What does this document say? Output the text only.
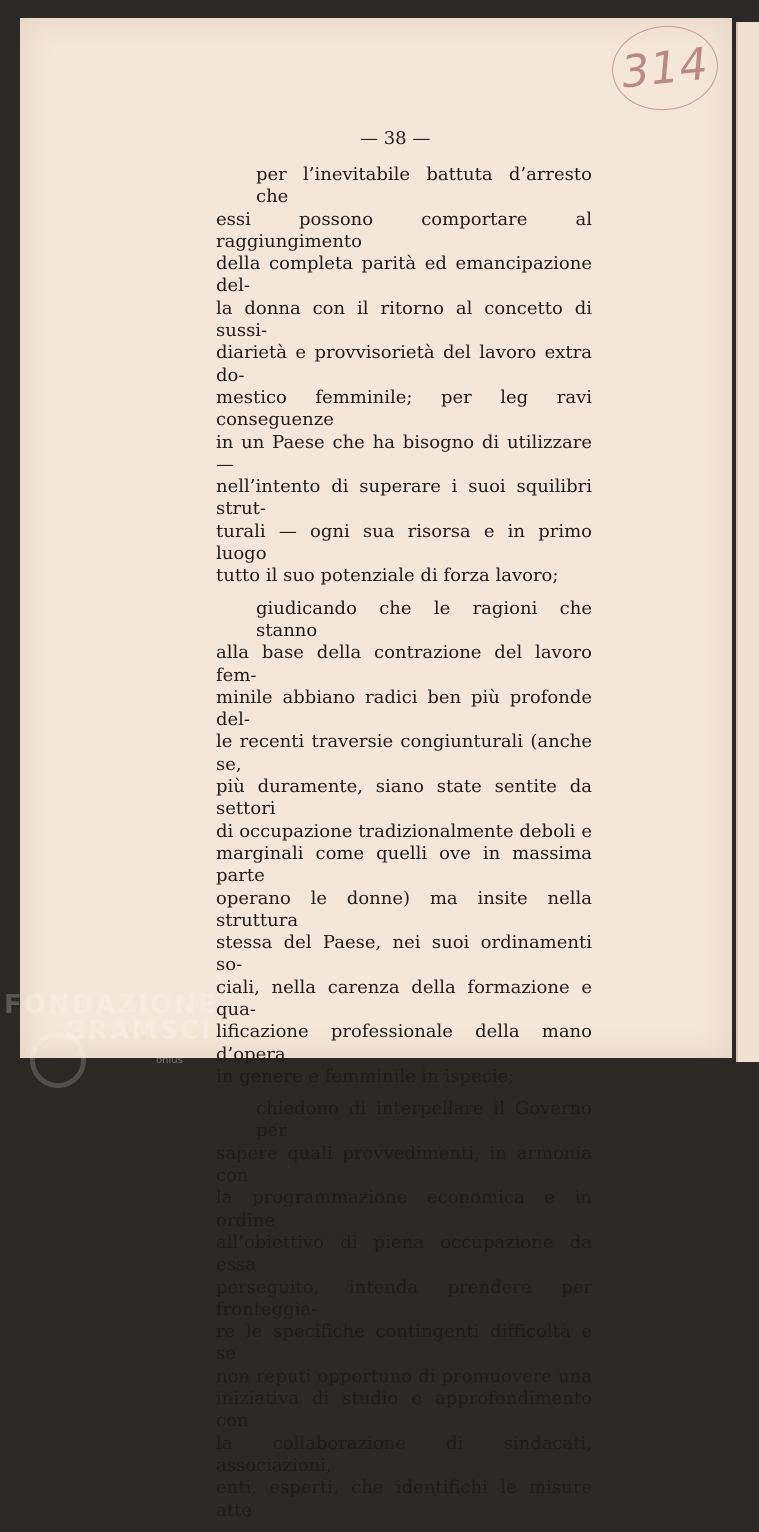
314
— 38 —
per l’inevitabile battuta d’arresto che
essi possono comportare al raggiungimento
della completa parità ed emancipazione del-
la donna con il ritorno al concetto di sussi-
diarietà e provvisorietà del lavoro extra do-
mestico femminile; per leg ravi conseguenze
in un Paese che ha bisogno di utilizzare —
nell’intento di superare i suoi squilibri strut-
turali — ogni sua risorsa e in primo luogo
tutto il suo potenziale di forza lavoro;
giudicando che le ragioni che stanno
alla base della contrazione del lavoro fem-
minile abbiano radici ben più profonde del-
le recenti traversie congiunturali (anche se,
più duramente, siano state sentite da settori
di occupazione tradizionalmente deboli e
marginali come quelli ove in massima parte
operano le donne) ma insite nella struttura
stessa del Paese, nei suoi ordinamenti so-
ciali, nella carenza della formazione e qua-
lificazione professionale della mano d’opera
in genere e femminile in ispecie;
chiedono di interpellare il Governo per
sapere quali provvedimenti, in armonia con
la programmazione economica e in ordine
all’obiettivo di piena occupazione da essa
perseguito, intenda prendere per fronteggia-
re le specifiche contingenti difficoltà e se
non reputi opportuno di promuovere una
iniziativa di studio e approfondimento con
la collaborazione di sindacati, associazioni,
enti, esperti, che identifichi le misure atte
FONDAZIONE
GRAMSCI
onlus
